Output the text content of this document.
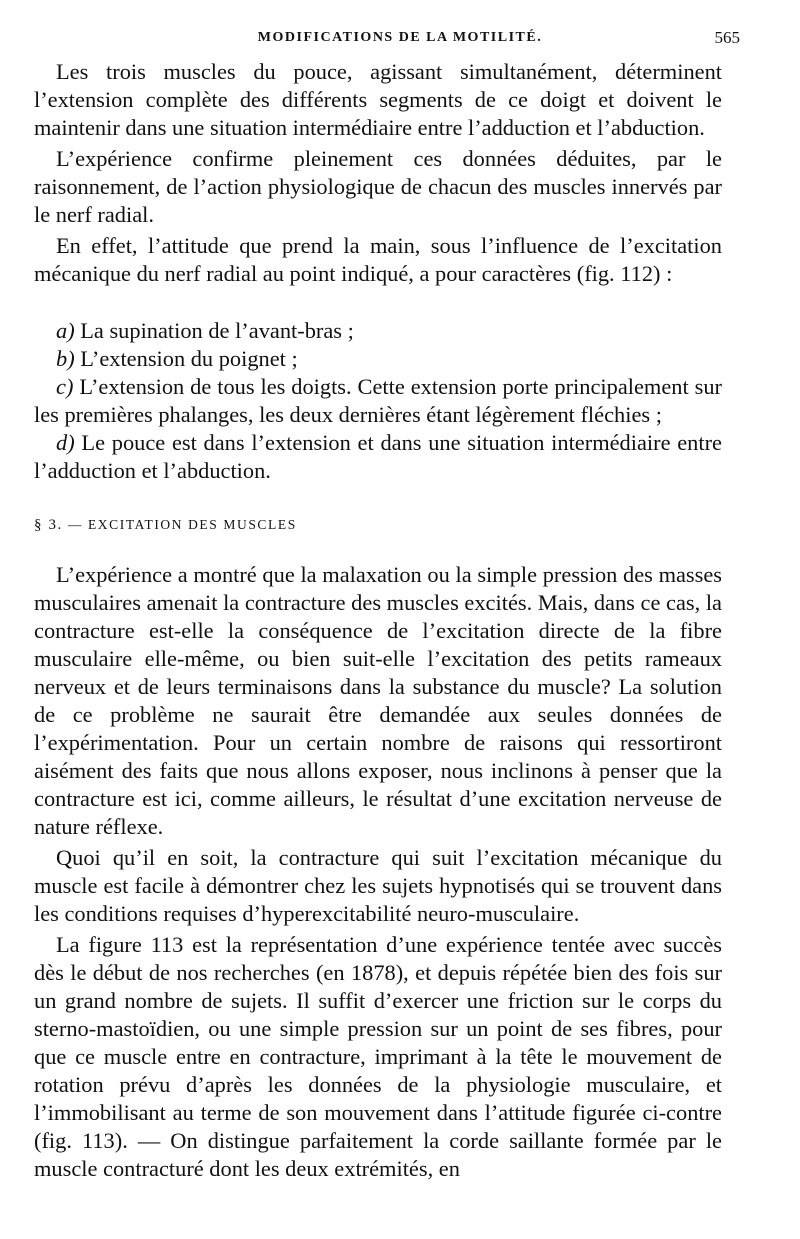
MODIFICATIONS DE LA MOTILITÉ.	565

Les trois muscles du pouce, agissant simultanément, déterminent l’extension complète des différents segments de ce doigt et doivent le maintenir dans une situation intermédiaire entre l’adduction et l’abduction.

L’expérience confirme pleinement ces données déduites, par le raisonnement, de l’action physiologique de chacun des muscles innervés par le nerf radial.

En effet, l’attitude que prend la main, sous l’influence de l’excitation mécanique du nerf radial au point indiqué, a pour caractères (fig. 112) :

a) La supination de l’avant-bras ;

b) L’extension du poignet ;

c) L’extension de tous les doigts. Cette extension porte principalement sur les premières phalanges, les deux dernières étant légèrement fléchies ;

d) Le pouce est dans l’extension et dans une situation intermédiaire entre l’adduction et l’abduction.

§ 3. — EXCITATION DES MUSCLES

L’expérience a montré que la malaxation ou la simple pression des masses musculaires amenait la contracture des muscles excités. Mais, dans ce cas, la contracture est-elle la conséquence de l’excitation directe de la fibre musculaire elle-même, ou bien suit-elle l’excitation des petits rameaux nerveux et de leurs terminaisons dans la substance du muscle? La solution de ce problème ne saurait être demandée aux seules données de l’expérimentation. Pour un certain nombre de raisons qui ressortiront aisément des faits que nous allons exposer, nous inclinons à penser que la contracture est ici, comme ailleurs, le résultat d’une excitation nerveuse de nature réflexe.

Quoi qu’il en soit, la contracture qui suit l’excitation mécanique du muscle est facile à démontrer chez les sujets hypnotisés qui se trouvent dans les conditions requises d’hyperexcitabilité neuro-musculaire.

La figure 113 est la représentation d’une expérience tentée avec succès dès le début de nos recherches (en 1878), et depuis répétée bien des fois sur un grand nombre de sujets. Il suffit d’exercer une friction sur le corps du sterno-mastoïdien, ou une simple pression sur un point de ses fibres, pour que ce muscle entre en contracture, imprimant à la tête le mouvement de rotation prévu d’après les données de la physiologie musculaire, et l’immobilisant au terme de son mouvement dans l’attitude figurée ci-contre (fig. 113). — On distingue parfaitement la corde saillante formée par le muscle contracturé dont les deux extrémités, en
